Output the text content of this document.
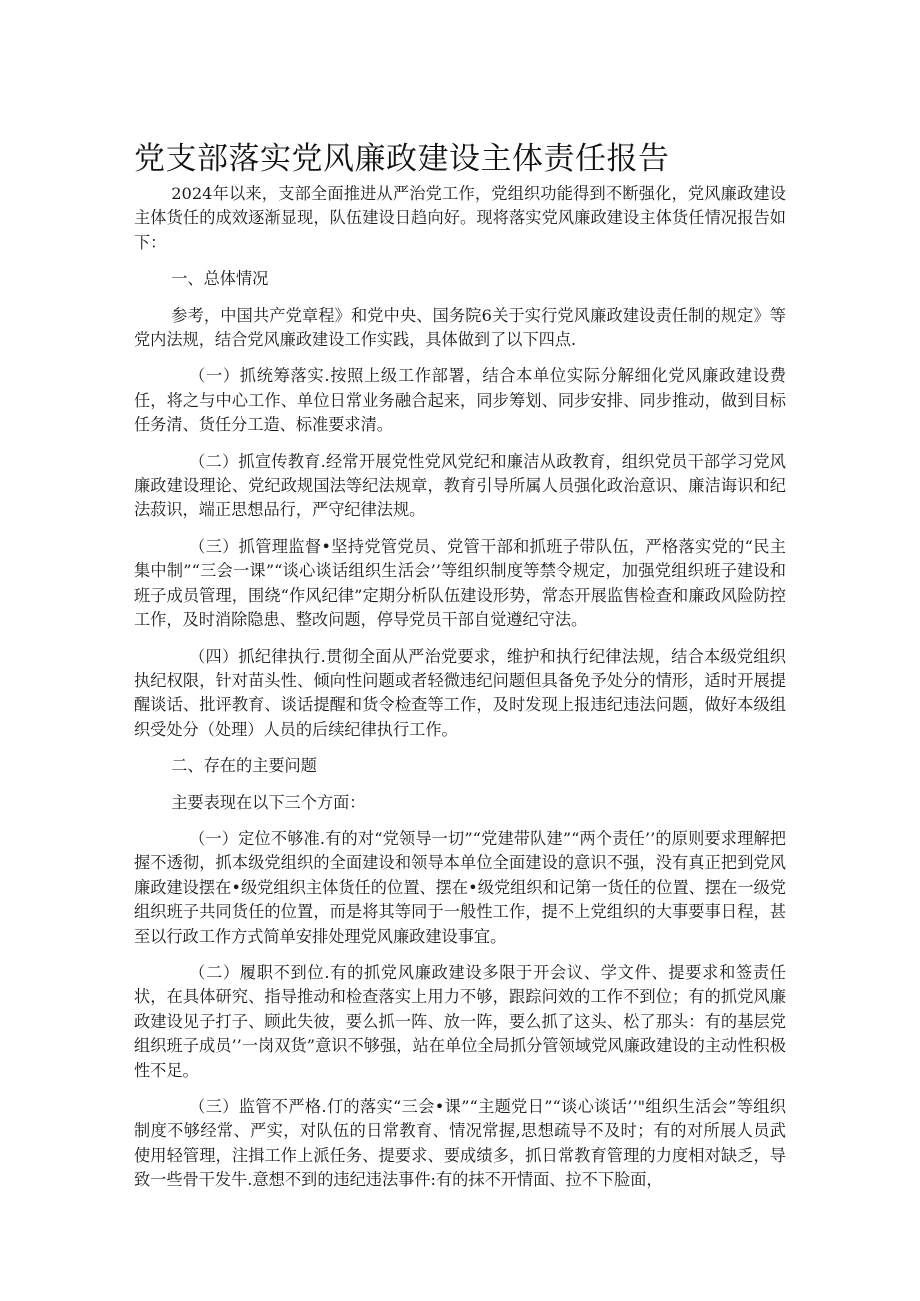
党支部落实党风廉政建设主体责任报告

2024年以来，支部全面推进从严治党工作，党组织功能得到不断强化，党风廉政建设主体货任的成效逐渐显现，队伍建设日趋向好。现将落实党风廉政建设主体货任情况报告如下：

一、总体情况

参考，中国共产党章程》和党中央、国务院6关于实行党风廉政建设责任制的规定》等党内法规，结合党风廉政建设工作实践，具体做到了以下四点.

（一）抓统筹落实.按照上级工作部署，结合本单位实际分解细化党风廉政建设费任，将之与中心工作、单位日常业务融合起来，同步筹划、同步安排、同步推动，做到目标任务清、货任分工造、标准要求清。

（二）抓宣传教育.经常开展党性党风党纪和廉洁从政教育，组织党员干部学习党风廉政建设理论、党纪政规国法等纪法规章，教育引导所属人员强化政治意识、廉洁诲识和纪法菽识，端正思想品行，严守纪律法规。

（三）抓管理监督•坚持党管党员、党管干部和抓班子带队伍，严格落实党的“民主集中制”“三会一课”“谈心谈话组织生活会’’等组织制度等禁令规定，加强党组织班子建设和班子成员管理，围绕“作风纪律”定期分析队伍建设形势，常态开展监售检查和廉政风险防控工作，及时消除隐患、整改问题，停导党员干部自觉遵纪守法。

（四）抓纪律执行.贯彻全面从严治党要求，维护和执行纪律法规，结合本级党组织执纪权限，针对苗头性、倾向性问题或者轻微违纪问题但具备免予处分的情形，适时开展提醒谈话、批评教育、谈话提醒和货令检查等工作，及时发现上报违纪违法问题，做好本级组织受处分（处理）人员的后续纪律执行工作。

二、存在的主要问题

主要表现在以下三个方面：

（一）定位不够准.有的对“党领导一切”“党建带队建”“两个责任’’的原则要求理解把握不透彻，抓本级党组织的全面建设和领导本单位全面建设的意识不强，没有真正把到党风廉政建设摆在•级党组织主体货任的位置、摆在•级党组织和记第一货任的位置、摆在一级党组织班子共同货任的位置，而是将其等同于一般性工作，提不上党组织的大事要事日程，甚至以行政工作方式简单安排处理党风廉政建设事宜。

（二）履职不到位.有的抓党风廉政建设多限于开会议、学文件、提要求和签责任状，在具体研究、指导推动和检查落实上用力不够，跟踪问效的工作不到位；有的抓党风廉政建设见子打子、顾此失彼，要么抓一阵、放一阵，要么抓了这头、松了那头：有的基层党组织班子成员’’一岗双货”意识不够强，站在单位全局抓分管领域党风廉政建设的主动性积极性不足。

（三）监管不严格.仃的落实“三会•课”“主题党日”“谈心谈话’’"组织生活会”等组织制度不够经常、严实，对队伍的日常教育、情况常握,思想疏导不及时；有的对所展人员武使用轻管理，注揖工作上派任务、提要求、要成绩多，抓日常教育管理的力度相对缺乏，导致一些骨干发牛.意想不到的违纪违法事件:有的抹不开情面、拉不下脸面，
